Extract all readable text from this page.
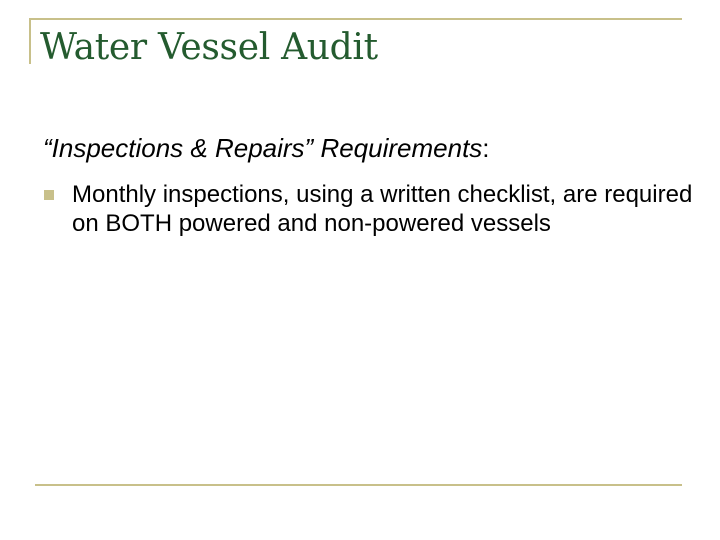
Water Vessel Audit
“Inspections & Repairs” Requirements:
Monthly inspections, using a written checklist, are required on BOTH powered and non-powered vessels
